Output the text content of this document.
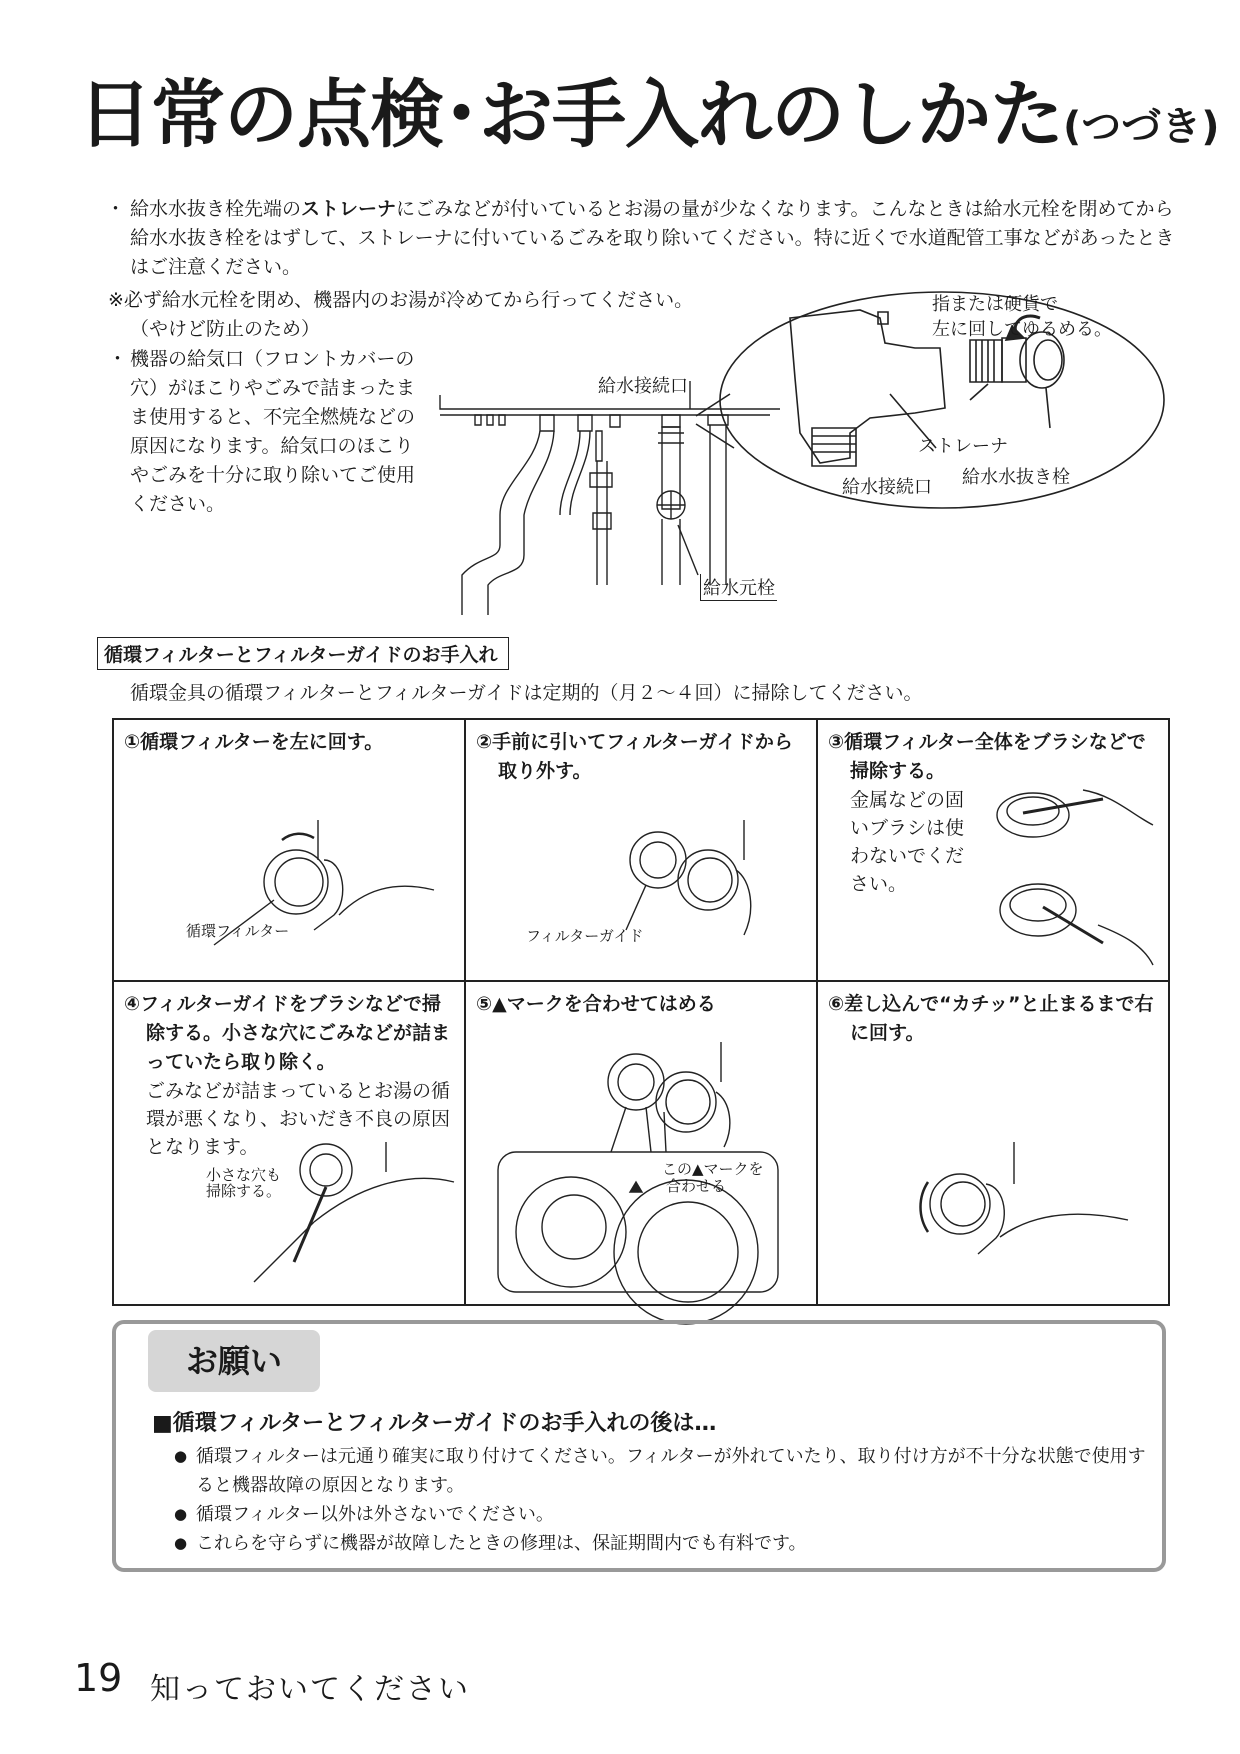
日常の点検･お手入れのしかた(つづき)
・ 給水水抜き栓先端のストレーナにごみなどが付いているとお湯の量が少なくなります。こんなときは給水元栓を閉めてから給水水抜き栓をはずして、ストレーナに付いているごみを取り除いてください。特に近くで水道配管工事などがあったときはご注意ください。
※必ず給水元栓を閉め、機器内のお湯が冷めてから行ってください。
（やけど防止のため）
・ 機器の給気口（フロントカバーの穴）がほこりやごみで詰まったまま使用すると、不完全燃焼などの原因になります。給気口のほこりやごみを十分に取り除いてご使用ください。
給水接続口
給水元栓
指または硬貨で
左に回してゆるめる。
ストレーナ
給水接続口 給水水抜き栓
循環フィルターとフィルターガイドのお手入れ
循環金具の循環フィルターとフィルターガイドは定期的（月２～４回）に掃除してください。
①循環フィルターを左に回す。
循環フィルター
②手前に引いてフィルターガイドから取り外す。
フィルターガイド
③循環フィルター全体をブラシなどで掃除する。
金属などの固いブラシは使わないでください。
④フィルターガイドをブラシなどで掃除する。小さな穴にごみなどが詰まっていたら取り除く。
ごみなどが詰まっているとお湯の循環が悪くなり、おいだき不良の原因となります。
小さな穴も
掃除する。
⑤▲マークを合わせてはめる
この▲マークを
合わせる
⑥差し込んで“カチッ”と止まるまで右に回す。
お願い
■循環フィルターとフィルターガイドのお手入れの後は…
● 循環フィルターは元通り確実に取り付けてください。フィルターが外れていたり、取り付け方が不十分な状態で使用すると機器故障の原因となります。
● 循環フィルター以外は外さないでください。
● これらを守らずに機器が故障したときの修理は、保証期間内でも有料です。
19 知っておいてください
